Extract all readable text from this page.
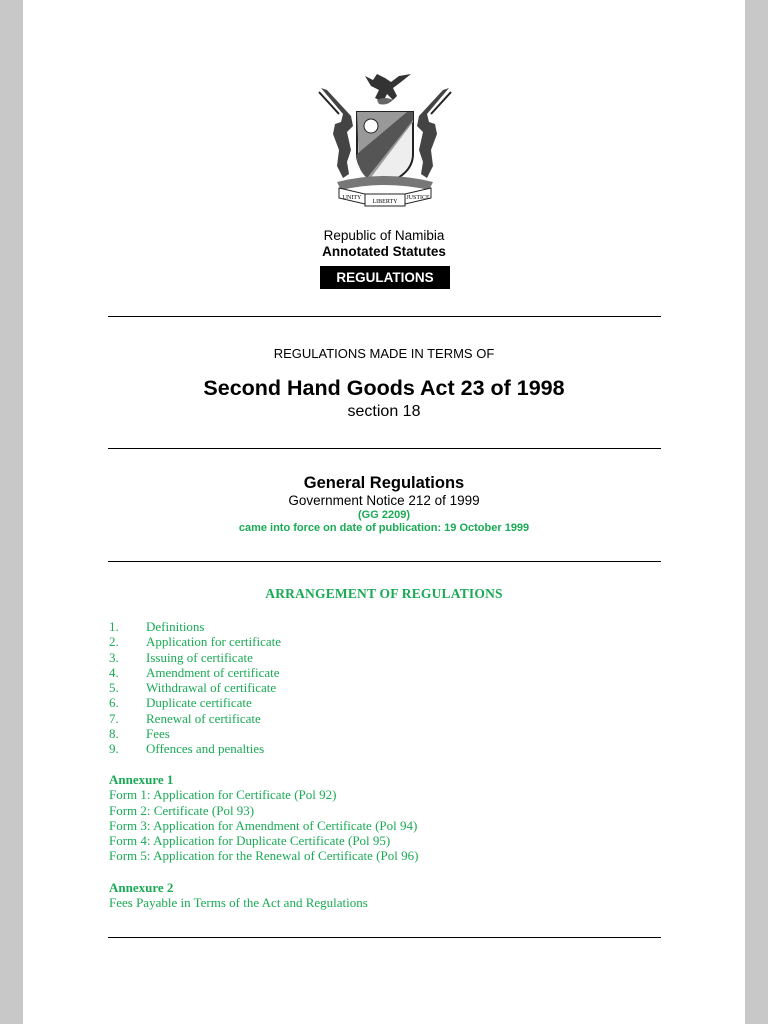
UNITY
LIBERTY
JUSTICE
Republic of Namibia
Annotated Statutes
REGULATIONS
REGULATIONS MADE IN TERMS OF
Second Hand Goods Act 23 of 1998
section 18
General Regulations
Government Notice 212 of 1999
(GG 2209)
came into force on date of publication: 19 October 1999
ARRANGEMENT OF REGULATIONS
1. Definitions
2. Application for certificate
3. Issuing of certificate
4. Amendment of certificate
5. Withdrawal of certificate
6. Duplicate certificate
7. Renewal of certificate
8. Fees
9. Offences and penalties
Annexure 1
Form 1: Application for Certificate (Pol 92)
Form 2: Certificate (Pol 93)
Form 3: Application for Amendment of Certificate (Pol 94)
Form 4: Application for Duplicate Certificate (Pol 95)
Form 5: Application for the Renewal of Certificate (Pol 96)
Annexure 2
Fees Payable in Terms of the Act and Regulations
